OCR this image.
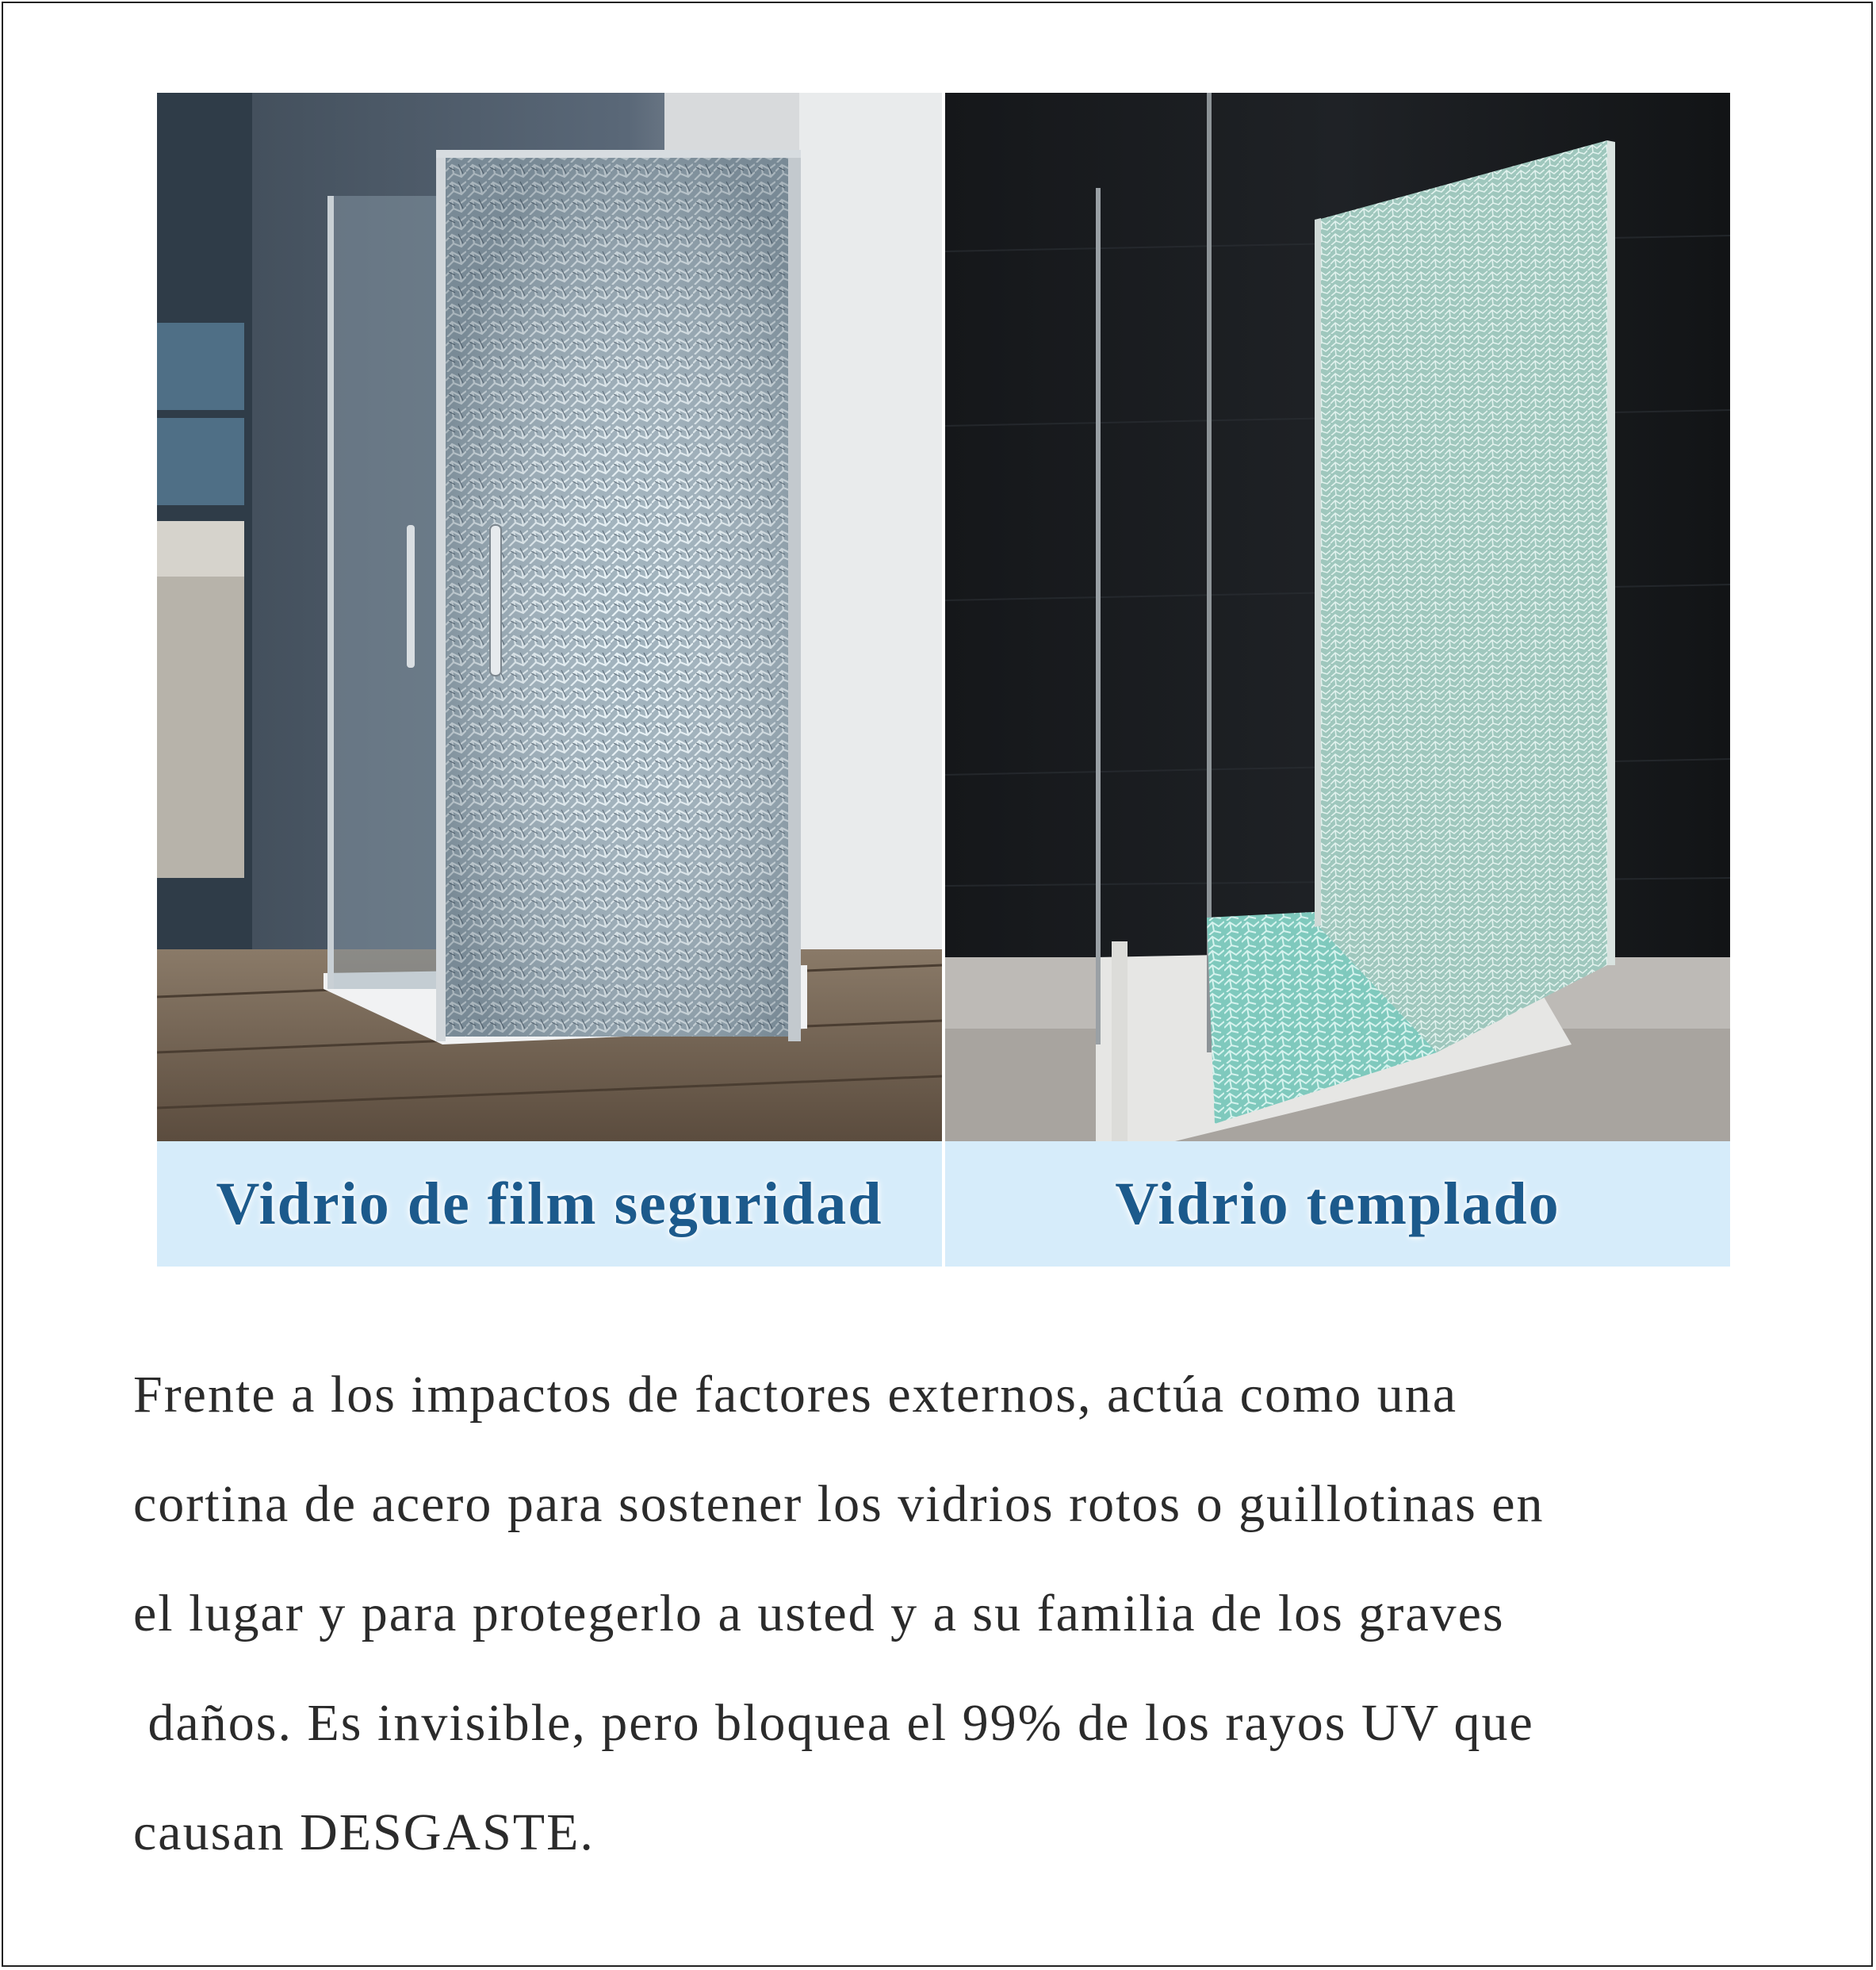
Vidrio de film seguridad	Vidrio templado
Frente a los impactos de factores externos, actúa como una
cortina de acero para sostener los vidrios rotos o guillotinas en
el lugar y para protegerlo a usted y a su familia de los graves
daños. Es invisible, pero bloquea el 99% de los rayos UV que
causan DESGASTE.
